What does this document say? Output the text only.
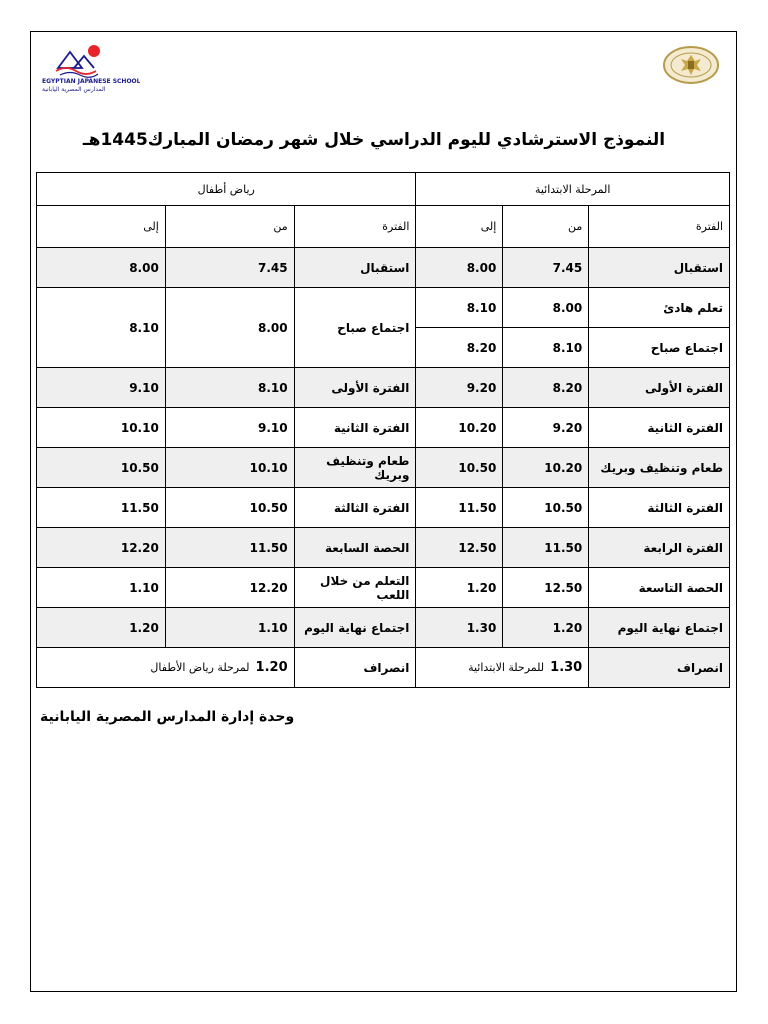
EGYPTIAN JAPANESE SCHOOLS
المدارس المصرية اليابانية
النموذج الاسترشادي لليوم الدراسي خلال شهر رمضان المبارك1445هـ
رياض أطفال			المرحلة الابتدائية		
إلى	من	الفترة	إلى	من	الفترة
8.00	7.45	استقبال	8.00	7.45	استقبال
8.10	8.00	اجتماع صباح	8.10	8.00	تعلم هادئ
			8.20	8.10	اجتماع صباح
9.10	8.10	الفترة الأولى	9.20	8.20	الفترة الأولى
10.10	9.10	الفترة الثانية	10.20	9.20	الفترة الثانية
10.50	10.10	طعام وتنظيف وبريك	10.50	10.20	طعام وتنظيف وبريك
11.50	10.50	الفترة الثالثة	11.50	10.50	الفترة الثالثة
12.20	11.50	الحصة السابعة	12.50	11.50	الفترة الرابعة
1.10	12.20	التعلم من خلال اللعب	1.20	12.50	الحصة التاسعة
1.20	1.10	اجتماع نهاية اليوم	1.30	1.20	اجتماع نهاية اليوم
1.20لمرحلة رياض الأطفال		انصراف	1.30للمرحلة الابتدائية		انصراف
وحدة إدارة المدارس المصرية اليابانية
